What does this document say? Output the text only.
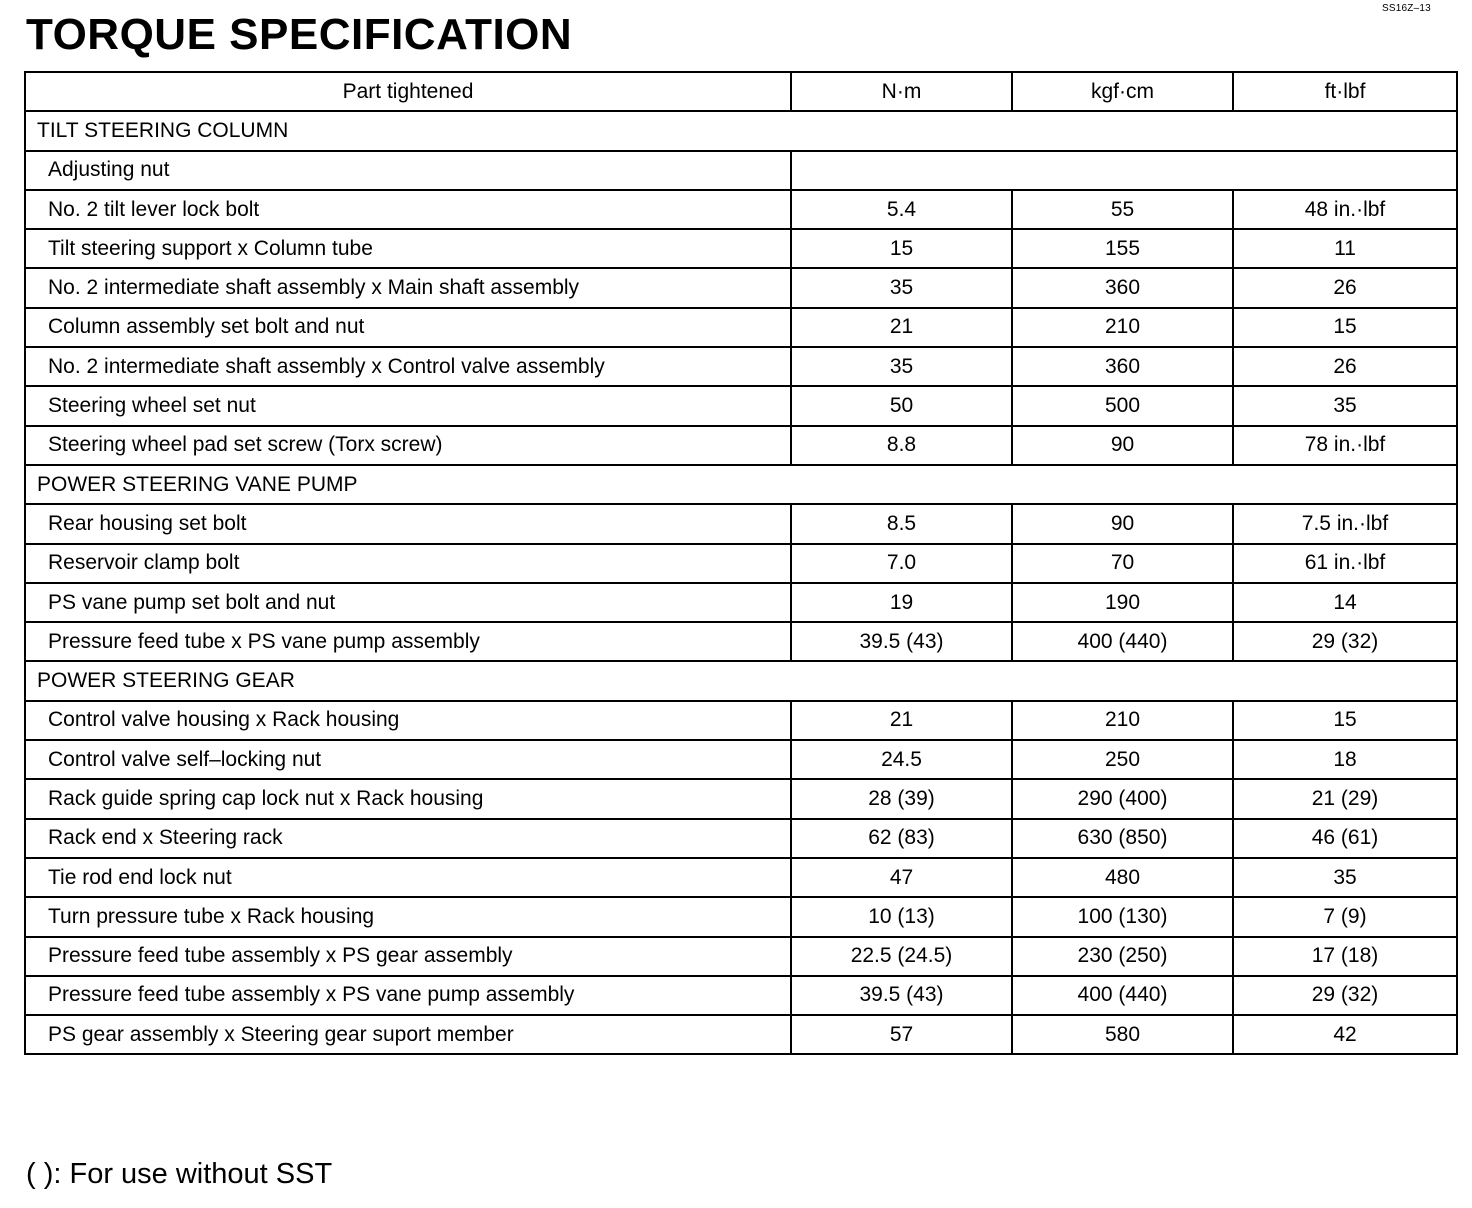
SS16Z–13
TORQUE SPECIFICATION
Part tightened	N·m	kgf·cm	ft·lbf
TILT STEERING COLUMN			
Adjusting nut			
No. 2 tilt lever lock bolt	5.4	55	48 in.·lbf
Tilt steering support x Column tube	15	155	11
No. 2 intermediate shaft assembly x Main shaft assembly	35	360	26
Column assembly set bolt and nut	21	210	15
No. 2 intermediate shaft assembly x Control valve assembly	35	360	26
Steering wheel set nut	50	500	35
Steering wheel pad set screw (Torx screw)	8.8	90	78 in.·lbf
POWER STEERING VANE PUMP			
Rear housing set bolt	8.5	90	7.5 in.·lbf
Reservoir clamp bolt	7.0	70	61 in.·lbf
PS vane pump set bolt and nut	19	190	14
Pressure feed tube x PS vane pump assembly	39.5 (43)	400 (440)	29 (32)
POWER STEERING GEAR			
Control valve housing x Rack housing	21	210	15
Control valve self–locking nut	24.5	250	18
Rack guide spring cap lock nut x Rack housing	28 (39)	290 (400)	21 (29)
Rack end x Steering rack	62 (83)	630 (850)	46 (61)
Tie rod end lock nut	47	480	35
Turn pressure tube x Rack housing	10 (13)	100 (130)	7 (9)
Pressure feed tube assembly x PS gear assembly	22.5 (24.5)	230 (250)	17 (18)
Pressure feed tube assembly x PS vane pump assembly	39.5 (43)	400 (440)	29 (32)
PS gear assembly x Steering gear suport member	57	580	42
( ): For use without SST
